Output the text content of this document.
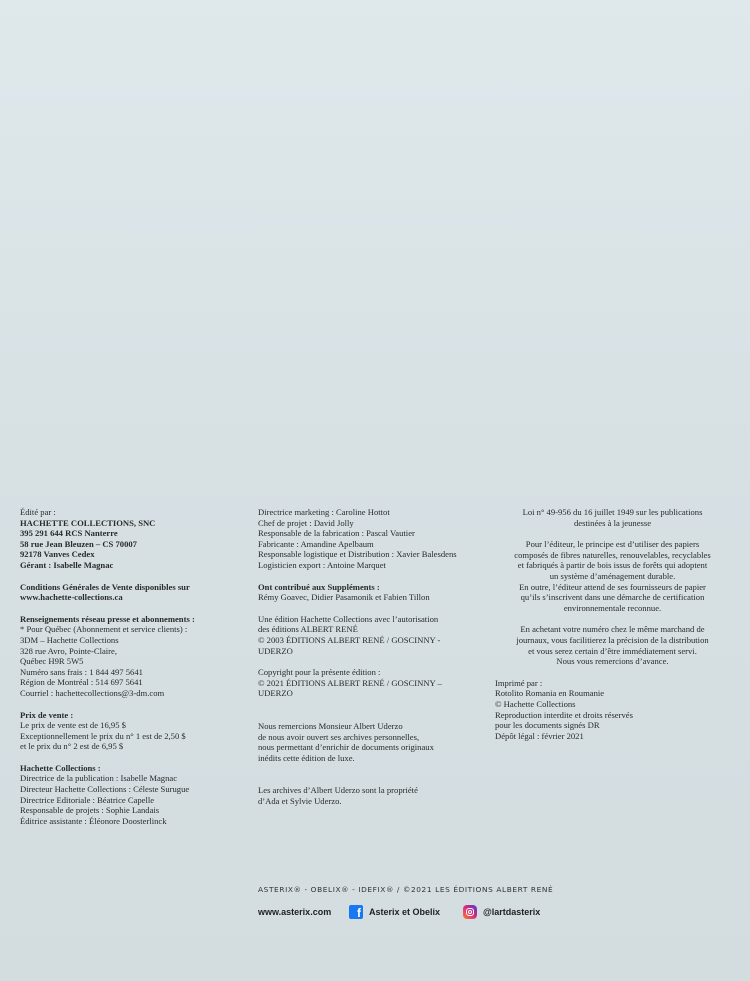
Édité par :

HACHETTE COLLECTIONS, SNC

395 291 644 RCS Nanterre

58 rue Jean Bleuzen – CS 70007

92178 Vanves Cedex

Gérant : Isabelle Magnac

Conditions Générales de Vente disponibles sur

www.hachette-collections.ca

Renseignements réseau presse et abonnements :

* Pour Québec (Abonnement et service clients) :

3DM – Hachette Collections

328 rue Avro, Pointe-Claire,

Québec H9R 5W5

Numéro sans frais : 1 844 497 5641

Région de Montréal : 514 697 5641

Courriel : hachettecollections@3-dm.com

Prix de vente :

Le prix de vente est de 16,95 $

Exceptionnellement le prix du n° 1 est de 2,50 $

et le prix du n° 2 est de 6,95 $

Hachette Collections :

Directrice de la publication : Isabelle Magnac

Directeur Hachette Collections : Céleste Surugue

Directrice Editoriale : Béatrice Capelle

Responsable de projets : Sophie Landais

Éditrice assistante : Éléonore Doosterlinck

Directrice marketing : Caroline Hottot

Chef de projet : David Jolly

Responsable de la fabrication : Pascal Vautier

Fabricante : Amandine Apelbaum

Responsable logistique et Distribution : Xavier Balesdens

Logisticien export : Antoine Marquet

Ont contribué aux Suppléments :

Rémy Goavec, Didier Pasamonik et Fabien Tillon

Une édition Hachette Collections avec l’autorisation

des éditions ALBERT RENÉ

© 2003 ÉDITIONS ALBERT RENÉ / GOSCINNY -

UDERZO

Copyright pour la présente édition :

© 2021 ÉDITIONS ALBERT RENÉ / GOSCINNY –

UDERZO

Nous remercions Monsieur Albert Uderzo

de nous avoir ouvert ses archives personnelles,

nous permettant d’enrichir de documents originaux

inédits cette édition de luxe.

Les archives d’Albert Uderzo sont la propriété

d’Ada et Sylvie Uderzo.

Loi n° 49-956 du 16 juillet 1949 sur les publications

destinées à la jeunesse

Pour l’éditeur, le principe est d’utiliser des papiers

composés de fibres naturelles, renouvelables, recyclables

et fabriqués à partir de bois issus de forêts qui adoptent

un système d’aménagement durable.

En outre, l’éditeur attend de ses fournisseurs de papier

qu’ils s’inscrivent dans une démarche de certification

environnementale reconnue.

En achetant votre numéro chez le même marchand de

journaux, vous facilitierez la précision de la distribution

et vous serez certain d’être immédiatement servi.

Nous vous remercions d’avance.

Imprimé par :

Rotolito Romania en Roumanie

© Hachette Collections

Reproduction interdite et droits réservés

pour les documents signés DR

Dépôt légal : février 2021

ASTERIX® - OBELIX® - IDEFIX® / ©2021 LES ÉDITIONS ALBERT RENÉ
www.asterix.com	f Asterix et Obelix	@lartdasterix
